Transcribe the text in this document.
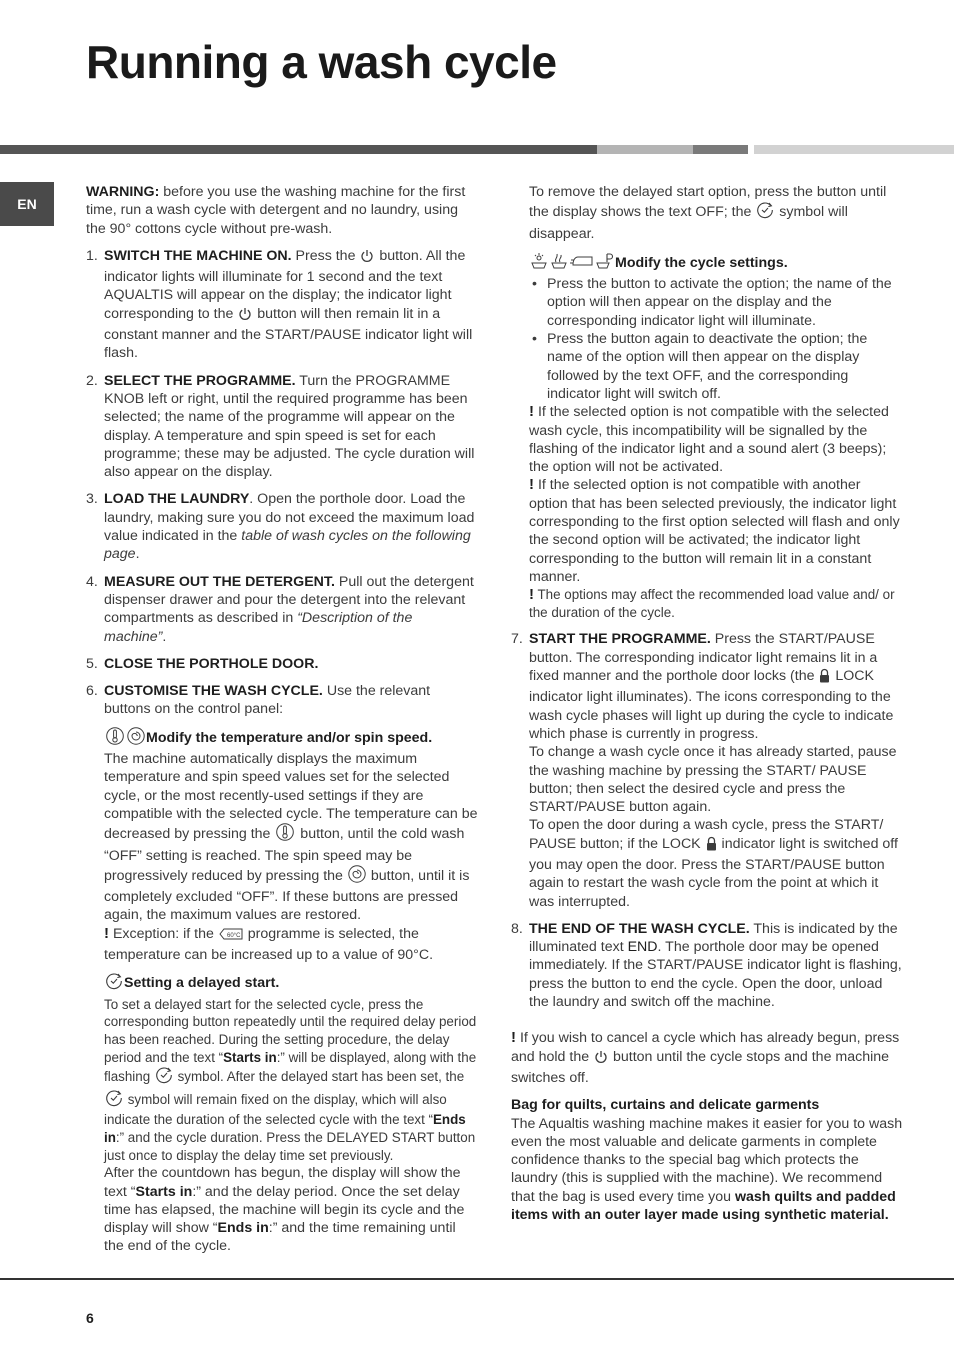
Running a wash cycle
EN

WARNING: before you use the washing machine for the first time, run a wash cycle with detergent and no laundry, using the 90° cottons cycle without pre-wash.

1. SWITCH THE MACHINE ON. Press the  button. All the indicator lights will illuminate for 1 second and the text AQUALTIS will appear on the display; the indicator light corresponding to the  button will then remain lit in a constant manner and the START/PAUSE indicator light will flash.
2. SELECT THE PROGRAMME. Turn the PROGRAMME KNOB left or right, until the required programme has been selected; the name of the programme will appear on the display. A temperature and spin speed is set for each programme; these may be adjusted. The cycle duration will also appear on the display.
3. LOAD THE LAUNDRY. Open the porthole door. Load the laundry, making sure you do not exceed the maximum load value indicated in the table of wash cycles on the following page.
4. MEASURE OUT THE DETERGENT. Pull out the detergent dispenser drawer and pour the detergent into the relevant compartments as described in “Description of the machine”.
5. CLOSE THE PORTHOLE DOOR.
6. CUSTOMISE THE WASH CYCLE. Use the relevant buttons on the control panel:

Modify the temperature and/or spin speed.

The machine automatically displays the maximum temperature and spin speed values set for the selected cycle, or the most recently-used settings if they are compatible with the selected cycle. The temperature can be decreased by pressing the  button, until the cold wash “OFF” setting is reached. The spin speed may be progressively reduced by pressing the  button, until it is completely excluded “OFF”. If these buttons are pressed again, the maximum values are restored.

! Exception: if the 60°C programme is selected, the temperature can be increased up to a value of 90°C.

Setting a delayed start.

To set a delayed start for the selected cycle, press the corresponding button repeatedly until the required delay period has been reached. During the setting procedure, the delay period and the text “Starts in:” will be displayed, along with the flashing  symbol. After the delayed start has been set, the  symbol will remain fixed on the display, which will also indicate the duration of the selected cycle with the text “Ends in:” and the cycle duration. Press the DELAYED START button just once to display the delay time set previously.

After the countdown has begun, the display will show the text “Starts in:” and the delay period. Once the set delay time has elapsed, the machine will begin its cycle and the display will show “Ends in:” and the time remaining until the end of the cycle.

To remove the delayed start option, press the button until the display shows the text OFF; the  symbol will disappear.

Modify the cycle settings.

• Press the button to activate the option; the name of the option will then appear on the display and the corresponding indicator light will illuminate.
• Press the button again to deactivate the option; the name of the option will then appear on the display followed by the text OFF, and the corresponding indicator light will switch off.

! If the selected option is not compatible with the selected wash cycle, this incompatibility will be signalled by the flashing of the indicator light and a sound alert (3 beeps); the option will not be activated.

! If the selected option is not compatible with another option that has been selected previously, the indicator light corresponding to the first option selected will flash and only the second option will be activated; the indicator light corresponding to the button will remain lit in a constant manner.

! The options may affect the recommended load value and/ or the duration of the cycle.

7. START THE PROGRAMME. Press the START/PAUSE button. The corresponding indicator light remains lit in a fixed manner and the porthole door locks (the  LOCK indicator light illuminates). The icons corresponding to the wash cycle phases will light up during the cycle to indicate which phase is currently in progress.
To change a wash cycle once it has already started, pause the washing machine by pressing the START/ PAUSE button; then select the desired cycle and press the START/PAUSE button again.
To open the door during a wash cycle, press the START/ PAUSE button; if the LOCK  indicator light is switched off you may open the door. Press the START/PAUSE button again to restart the wash cycle from the point at which it was interrupted.
8. THE END OF THE WASH CYCLE. This is indicated by the illuminated text END. The porthole door may be opened immediately. If the START/PAUSE indicator light is flashing, press the button to end the cycle. Open the door, unload the laundry and switch off the machine.

! If you wish to cancel a cycle which has already begun, press and hold the  button until the cycle stops and the machine switches off.

Bag for quilts, curtains and delicate garments

The Aqualtis washing machine makes it easier for you to wash even the most valuable and delicate garments in complete confidence thanks to the special bag which protects the laundry (this is supplied with the machine). We recommend that the bag is used every time you wash quilts and padded items with an outer layer made using synthetic material.

6
